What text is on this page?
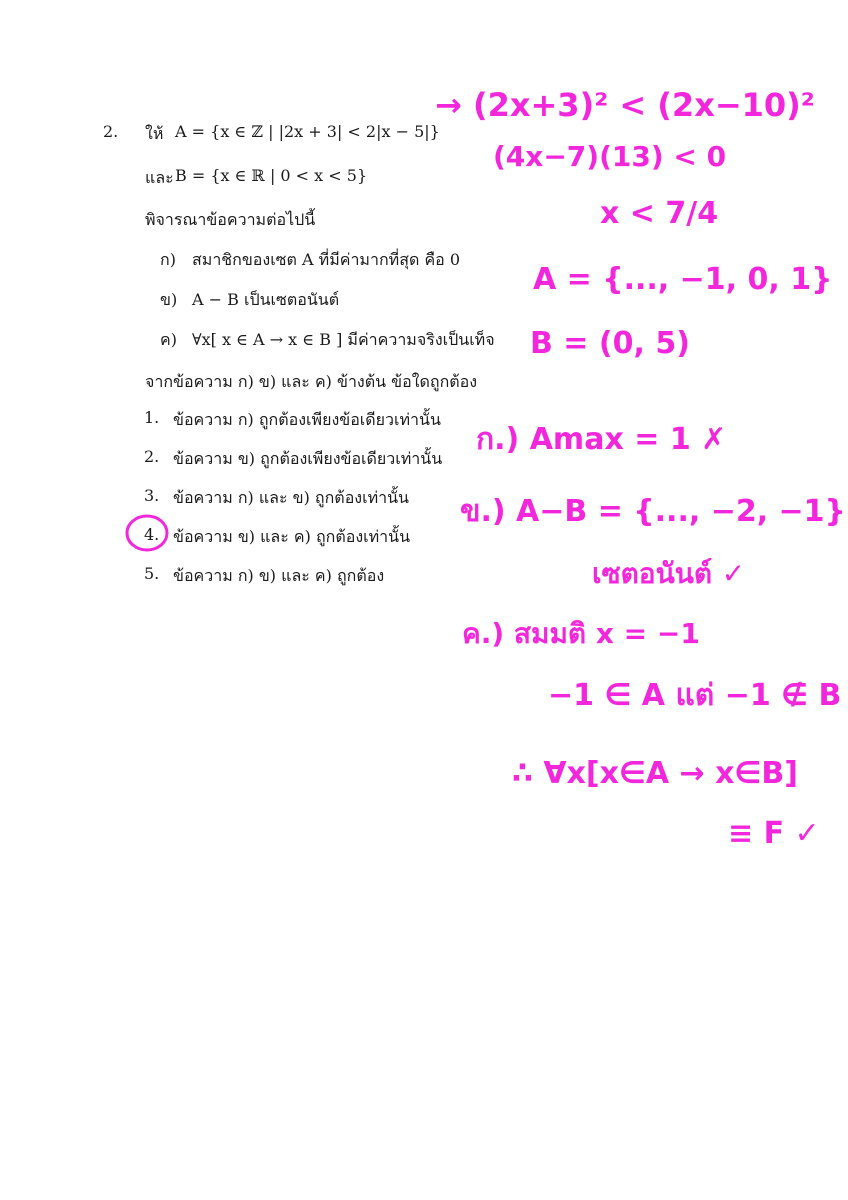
2. ให้ A = {x ∈ ℤ | |2x + 3| < 2|x − 5|}
และ B = {x ∈ ℝ | 0 < x < 5}
พิจารณาข้อความต่อไปนี้
ก) สมาชิกของเซต A ที่มีค่ามากที่สุด คือ 0
ข) A − B เป็นเซตอนันต์
ค) ∀x[ x ∈ A → x ∈ B ] มีค่าความจริงเป็นเท็จ
จากข้อความ ก) ข) และ ค) ข้างต้น ข้อใดถูกต้อง
1. ข้อความ ก) ถูกต้องเพียงข้อเดียวเท่านั้น
2. ข้อความ ข) ถูกต้องเพียงข้อเดียวเท่านั้น
3. ข้อความ ก) และ ข) ถูกต้องเท่านั้น
4. ข้อความ ข) และ ค) ถูกต้องเท่านั้น
5. ข้อความ ก) ข) และ ค) ถูกต้อง
→ (2x+3)² < (2x−10)²
(4x−7)(13) < 0
x < 7/4
A = {..., −1, 0, 1}
B = (0, 5)
ก.) Amax = 1 ✗
ข.) A−B = {..., −2, −1}
เซตอนันต์ ✓
ค.) สมมติ x = −1
−1 ∈ A แต่ −1 ∉ B
∴ ∀x[x∈A → x∈B]
≡ F ✓
